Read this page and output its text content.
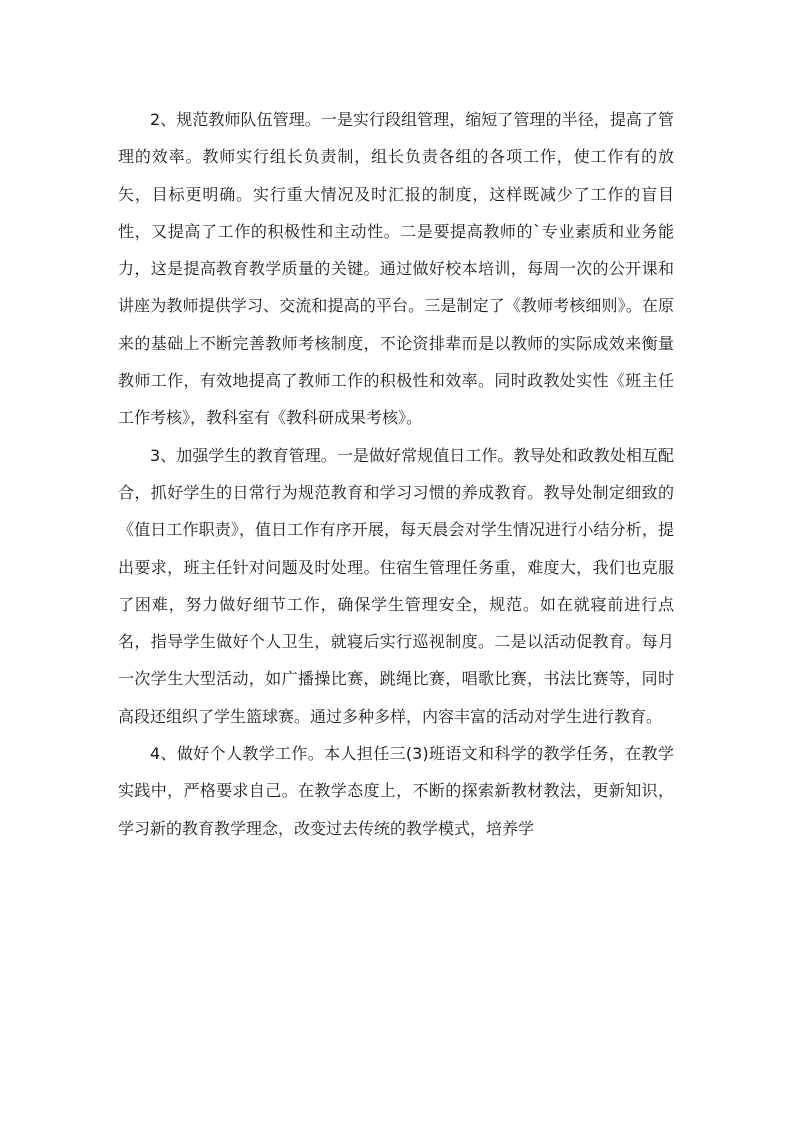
2、规范教师队伍管理。一是实行段组管理，缩短了管理的半径，提高了管理的效率。教师实行组长负责制，组长负责各组的各项工作，使工作有的放矢，目标更明确。实行重大情况及时汇报的制度，这样既减少了工作的盲目性，又提高了工作的积极性和主动性。二是要提高教师的`专业素质和业务能力，这是提高教育教学质量的关键。通过做好校本培训，每周一次的公开课和讲座为教师提供学习、交流和提高的平台。三是制定了《教师考核细则》。在原来的基础上不断完善教师考核制度，不论资排辈而是以教师的实际成效来衡量教师工作，有效地提高了教师工作的积极性和效率。同时政教处实性《班主任工作考核》，教科室有《教科研成果考核》。

3、加强学生的教育管理。一是做好常规值日工作。教导处和政教处相互配合，抓好学生的日常行为规范教育和学习习惯的养成教育。教导处制定细致的《值日工作职责》，值日工作有序开展，每天晨会对学生情况进行小结分析，提出要求，班主任针对问题及时处理。住宿生管理任务重，难度大，我们也克服了困难，努力做好细节工作，确保学生管理安全，规范。如在就寝前进行点名，指导学生做好个人卫生，就寝后实行巡视制度。二是以活动促教育。每月一次学生大型活动，如广播操比赛，跳绳比赛，唱歌比赛，书法比赛等，同时高段还组织了学生篮球赛。通过多种多样，内容丰富的活动对学生进行教育。

4、做好个人教学工作。本人担任三(3)班语文和科学的教学任务，在教学实践中，严格要求自己。在教学态度上，不断的探索新教材教法，更新知识，学习新的教育教学理念，改变过去传统的教学模式，培养学
